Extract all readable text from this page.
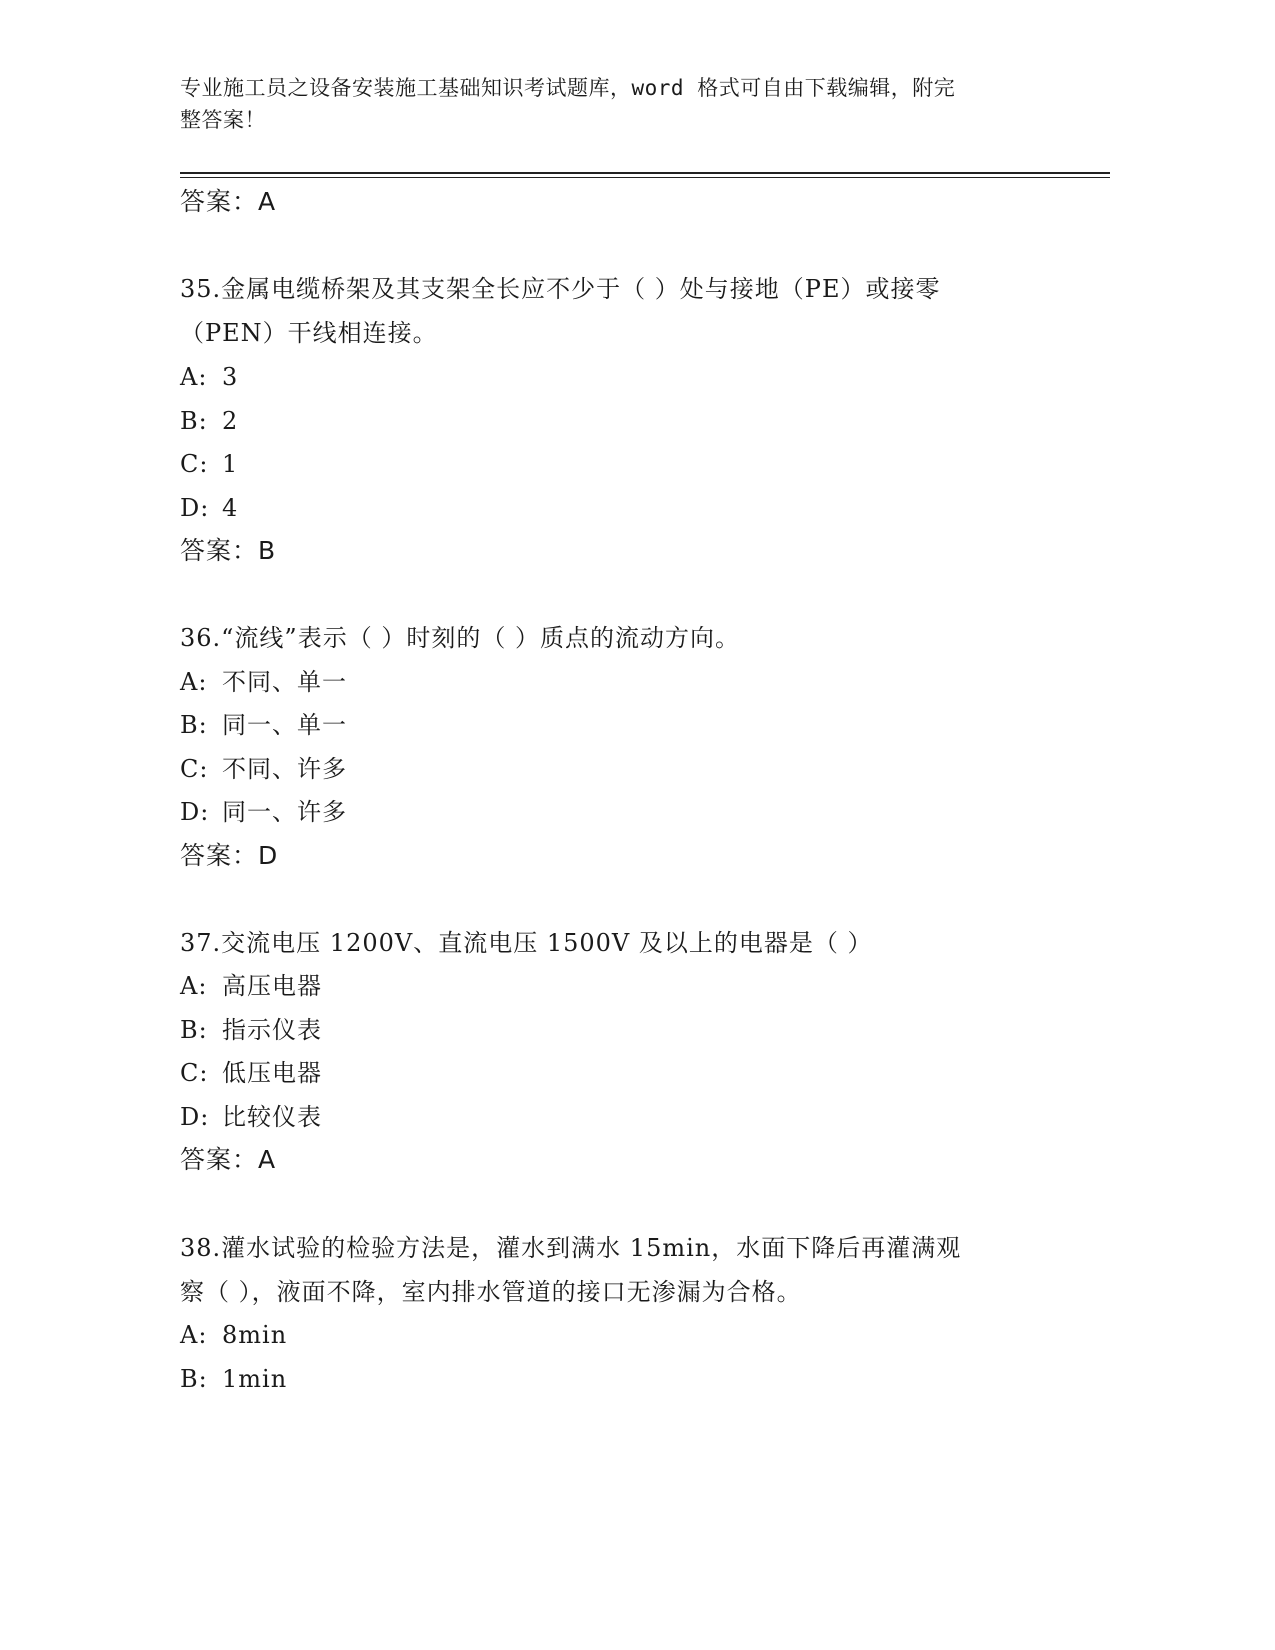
专业施工员之设备安装施工基础知识考试题库，word 格式可自由下载编辑，附完
整答案！
答案：A
35.金属电缆桥架及其支架全长应不少于（ ）处与接地（PE）或接零
（PEN）干线相连接。
A: 3
B: 2
C: 1
D: 4
答案：B
36.“流线”表示（ ）时刻的（ ）质点的流动方向。
A: 不同、单一
B: 同一、单一
C: 不同、许多
D: 同一、许多
答案：D
37.交流电压 1200V、直流电压 1500V 及以上的电器是（ ）
A: 高压电器
B: 指示仪表
C: 低压电器
D: 比较仪表
答案：A
38.灌水试验的检验方法是，灌水到满水 15min，水面下降后再灌满观
察（ ），液面不降，室内排水管道的接口无渗漏为合格。
A: 8min
B: 1min
